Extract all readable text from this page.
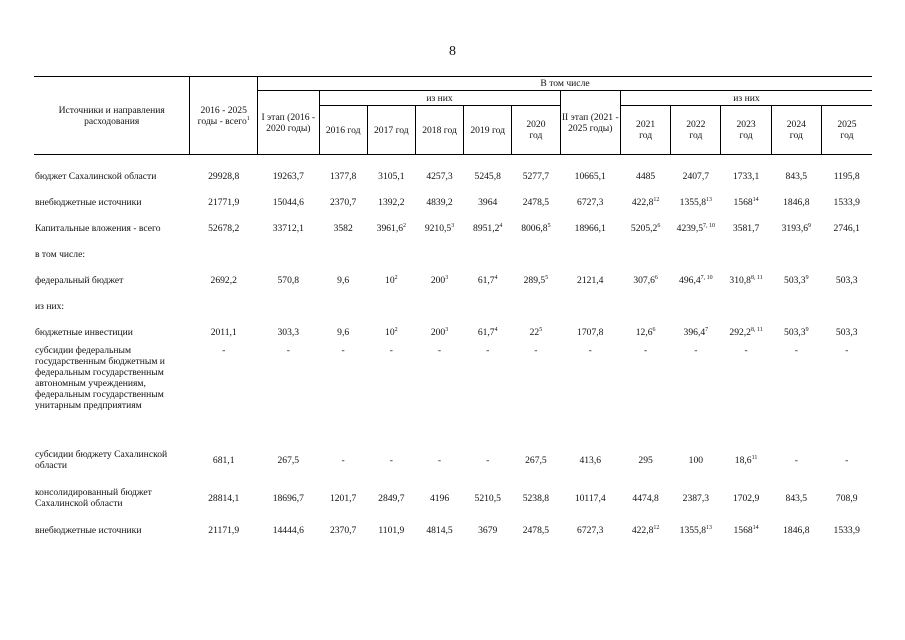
8
Источники и направления расходования	2016 - 2025 годы - всего$^1$	В том числе											
		I этап (2016 - 2020 годы)	из них					II этап (2021 - 2025 годы)	из них				
			2016 год	2017 год	2018 год	2019 год	2020 год		2021 год	2022 год	2023 год	2024 год	2025 год
бюджет Сахалинской области	29928,8	19263,7	1377,8	3105,1	4257,3	5245,8	5277,7	10665,1	4485	2407,7	1733,1	843,5	1195,8
внебюджетные источники	21771,9	15044,6	2370,7	1392,2	4839,2	3964	2478,5	6727,3	422,8$^{12}$	1355,8$^{13}$	1568$^{14}$	1846,8	1533,9
Капитальные вложения - всего	52678,2	33712,1	3582	3961,6$^2$	9210,5$^3$	8951,2$^4$	8006,8$^5$	18966,1	5205,2$^6$	4239,5$^{7, 10}$	3581,7	3193,6$^9$	2746,1
в том числе:													
федеральный бюджет	2692,2	570,8	9,6	$10^2$	$200^3$	61,7$^4$	289,5$^5$	2121,4	307,6$^6$	496,4$^{7, 10}$	310,8$^{8, 11}$	503,3$^9$	503,3
из них:													
бюджетные инвестиции	2011,1	303,3	9,6	$10^2$	$200^3$	61,7$^4$	$22^5$	1707,8	12,6$^6$	396,4$^7$	292,2$^{8, 11}$	503,3$^9$	503,3
субсидии федеральным государственным бюджетным и федеральным государственным автономным учреждениям, федеральным государственным унитарным предприятиям	-	-	-	-	-	-	-	-	-	-	-	-	-
субсидии бюджету Сахалинской области	681,1	267,5	-	-	-	-	267,5	413,6	295	100	18,6$^{11}$	-	-
консолидированный бюджет Сахалинской области	28814,1	18696,7	1201,7	2849,7	4196	5210,5	5238,8	10117,4	4474,8	2387,3	1702,9	843,5	708,9
внебюджетные источники	21171,9	14444,6	2370,7	1101,9	4814,5	3679	2478,5	6727,3	422,8$^{12}$	1355,8$^{13}$	1568$^{14}$	1846,8	1533,9
